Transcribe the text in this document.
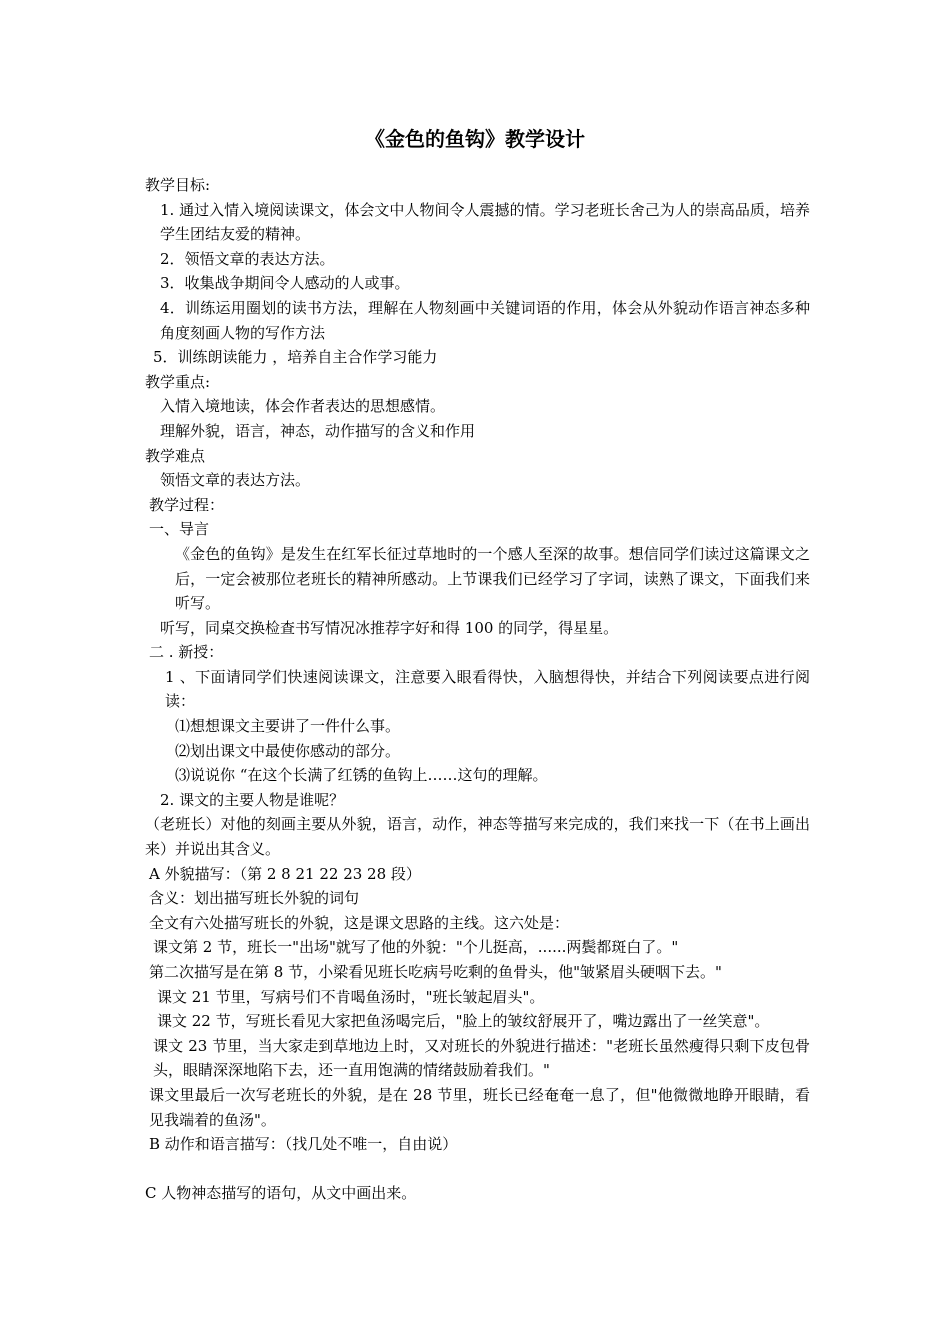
《金色的鱼钩》教学设计

教学目标:

1. 通过入情入境阅读课文，体会文中人物间令人震撼的情。学习老班长舍己为人的崇高品质，培养学生团结友爱的精神。

2．领悟文章的表达方法。

3．收集战争期间令人感动的人或事。

4．训练运用圈划的读书方法，理解在人物刻画中关键词语的作用，体会从外貌动作语言神态多种角度刻画人物的写作方法

5．训练朗读能力 ，培养自主合作学习能力

教学重点:

入情入境地读，体会作者表达的思想感情。

理解外貌，语言，神态，动作描写的含义和作用

教学难点

领悟文章的表达方法。

教学过程：

一、导言

《金色的鱼钩》是发生在红军长征过草地时的一个感人至深的故事。想信同学们读过这篇课文之后，一定会被那位老班长的精神所感动。上节课我们已经学习了字词，读熟了课文，下面我们来听写。

听写，同桌交换检查书写情况冰推荐字好和得 100 的同学，得星星。

二 . 新授：

1 、下面请同学们快速阅读课文，注意要入眼看得快，入脑想得快，并结合下列阅读要点进行阅读：

⑴想想课文主要讲了一件什么事。

⑵划出课文中最使你感动的部分。

⑶说说你 “在这个长满了红锈的鱼钩上……这句的理解。

2. 课文的主要人物是谁呢？

（老班长）对他的刻画主要从外貌，语言，动作，神态等描写来完成的，我们来找一下（在书上画出来）并说出其含义。

A 外貌描写：（第 2 8 21 22 23 28 段）

含义：划出描写班长外貌的词句

全文有六处描写班长的外貌，这是课文思路的主线。这六处是：

课文第 2 节，班长一"出场"就写了他的外貌："个儿挺高，......两鬓都斑白了。"

第二次描写是在第 8 节，小梁看见班长吃病号吃剩的鱼骨头，他"皱紧眉头硬咽下去。"

课文 21 节里，写病号们不肯喝鱼汤时，"班长皱起眉头"。

课文 22 节，写班长看见大家把鱼汤喝完后，"脸上的皱纹舒展开了，嘴边露出了一丝笑意"。

课文 23 节里，当大家走到草地边上时，又对班长的外貌进行描述："老班长虽然瘦得只剩下皮包骨头，眼睛深深地陷下去，还一直用饱满的情绪鼓励着我们。"

课文里最后一次写老班长的外貌，是在 28 节里，班长已经奄奄一息了，但"他微微地睁开眼睛，看见我端着的鱼汤"。

B 动作和语言描写：（找几处不唯一，自由说）

C 人物神态描写的语句，从文中画出来。
